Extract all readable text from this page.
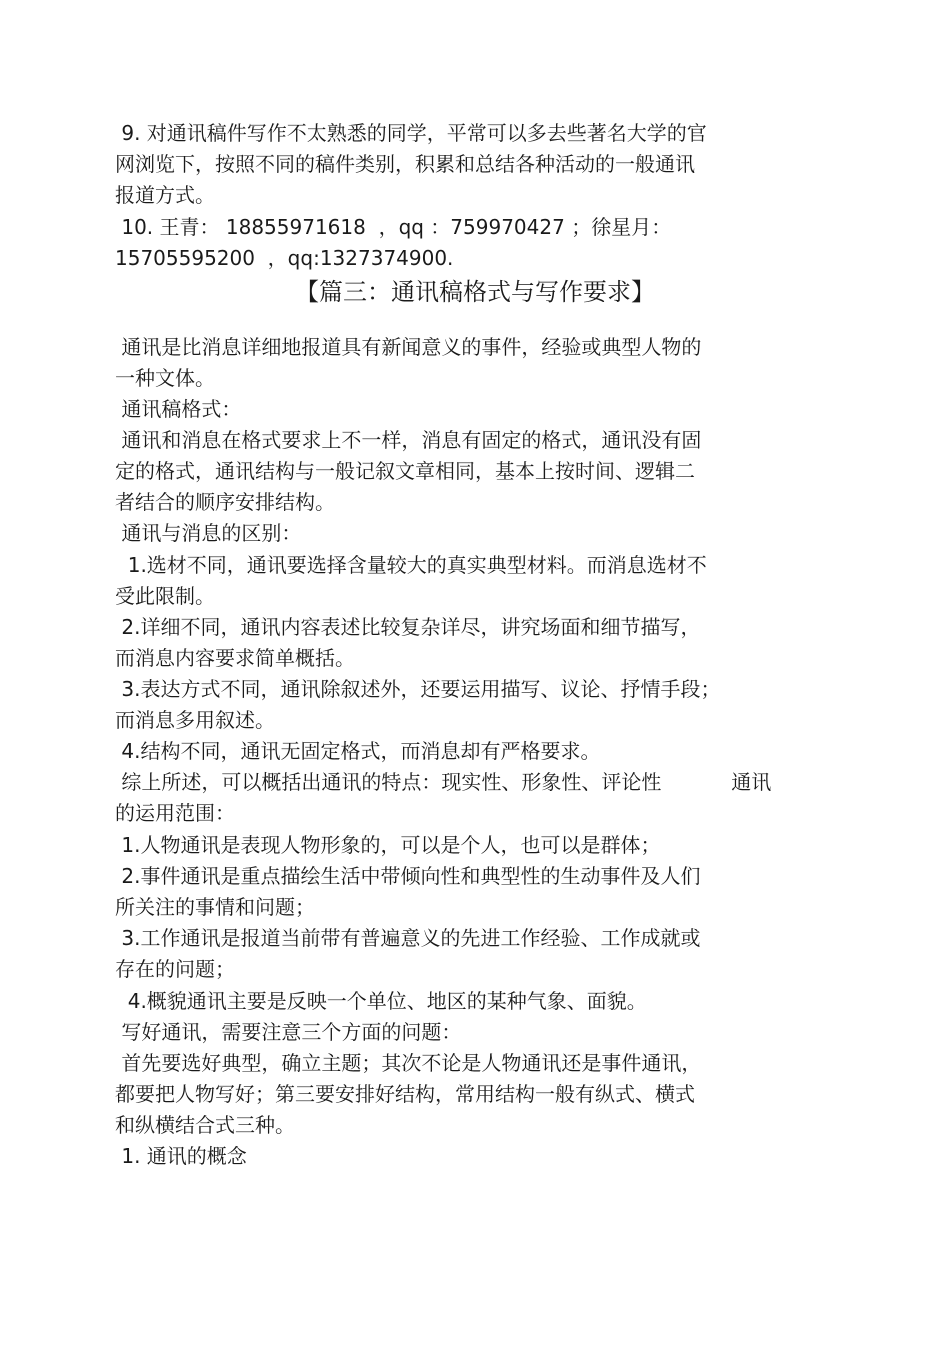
9. 对通讯稿件写作不太熟悉的同学，平常可以多去些著名大学的官
网浏览下，按照不同的稿件类别，积累和总结各种活动的一般通讯
报道方式。
10. 王青： 18855971618  ，qq ：759970427 ；徐星月：
15705595200  ，qq:1327374900.
【篇三：通讯稿格式与写作要求】
通讯是比消息详细地报道具有新闻意义的事件，经验或典型人物的
一种文体。
通讯稿格式：
通讯和消息在格式要求上不一样，消息有固定的格式，通讯没有固
定的格式，通讯结构与一般记叙文章相同，基本上按时间、逻辑二
者结合的顺序安排结构。
通讯与消息的区别：
1.选材不同，通讯要选择含量较大的真实典型材料。而消息选材不
受此限制。
2.详细不同，通讯内容表述比较复杂详尽，讲究场面和细节描写，
而消息内容要求简单概括。
3.表达方式不同，通讯除叙述外，还要运用描写、议论、抒情手段；
而消息多用叙述。
4.结构不同，通讯无固定格式，而消息却有严格要求。
综上所述，可以概括出通讯的特点：现实性、形象性、评论性           通讯
的运用范围：
1.人物通讯是表现人物形象的，可以是个人，也可以是群体；
2.事件通讯是重点描绘生活中带倾向性和典型性的生动事件及人们
所关注的事情和问题；
3.工作通讯是报道当前带有普遍意义的先进工作经验、工作成就或
存在的问题；
4.概貌通讯主要是反映一个单位、地区的某种气象、面貌。
写好通讯，需要注意三个方面的问题：
首先要选好典型，确立主题；其次不论是人物通讯还是事件通讯，
都要把人物写好；第三要安排好结构，常用结构一般有纵式、横式
和纵横结合式三种。
1. 通讯的概念
